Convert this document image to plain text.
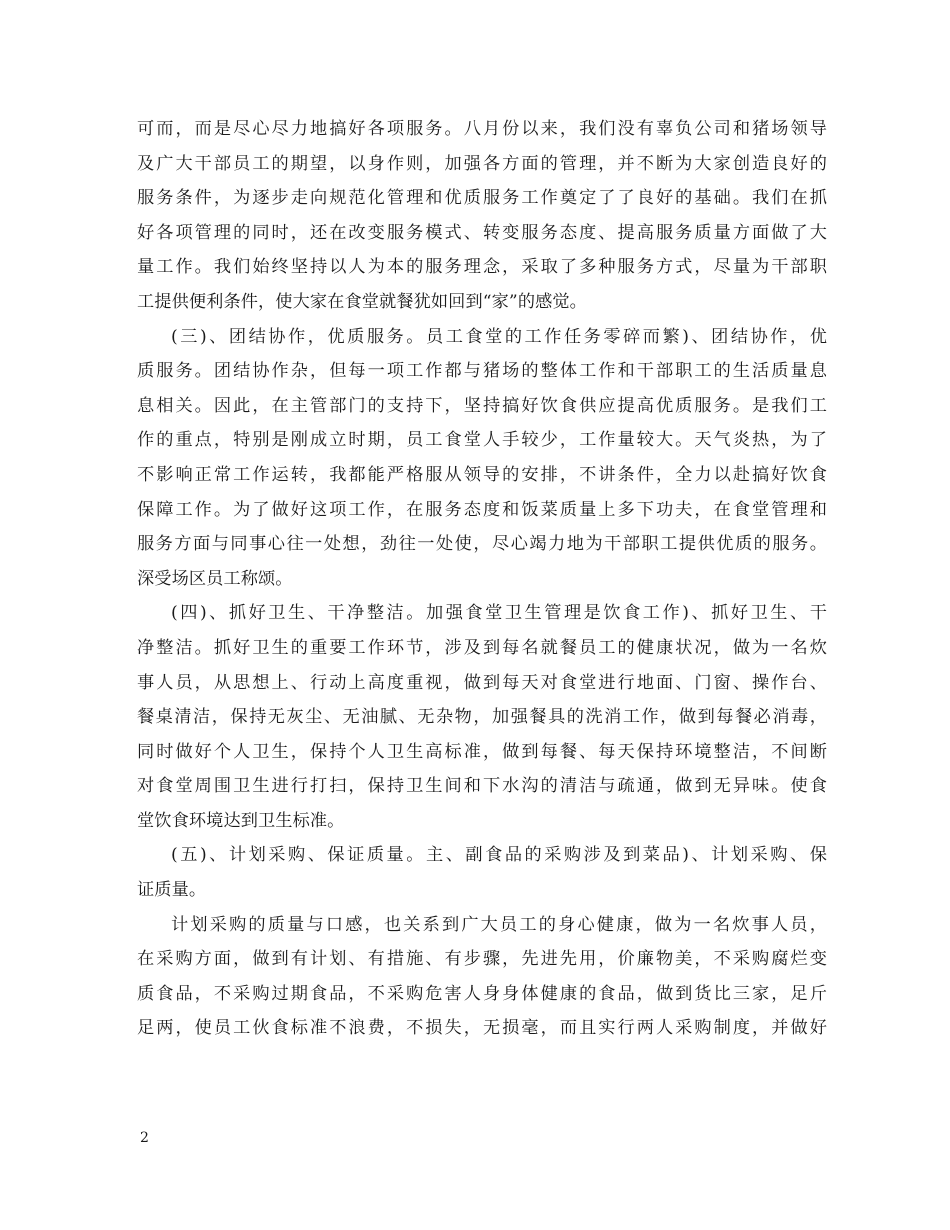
可而，而是尽心尽力地搞好各项服务。八月份以来，我们没有辜负公司和猪场领导
及广大干部员工的期望，以身作则，加强各方面的管理，并不断为大家创造良好的
服务条件，为逐步走向规范化管理和优质服务工作奠定了了良好的基础。我们在抓
好各项管理的同时，还在改变服务模式、转变服务态度、提高服务质量方面做了大
量工作。我们始终坚持以人为本的服务理念，采取了多种服务方式，尽量为干部职
工提供便利条件，使大家在食堂就餐犹如回到“家”的感觉。
(三)、团结协作，优质服务。员工食堂的工作任务零碎而繁)、团结协作，优
质服务。团结协作杂，但每一项工作都与猪场的整体工作和干部职工的生活质量息
息相关。因此，在主管部门的支持下，坚持搞好饮食供应提高优质服务。是我们工
作的重点，特别是刚成立时期，员工食堂人手较少，工作量较大。天气炎热，为了
不影响正常工作运转，我都能严格服从领导的安排，不讲条件，全力以赴搞好饮食
保障工作。为了做好这项工作，在服务态度和饭菜质量上多下功夫，在食堂管理和
服务方面与同事心往一处想，劲往一处使，尽心竭力地为干部职工提供优质的服务。
深受场区员工称颂。
(四)、抓好卫生、干净整洁。加强食堂卫生管理是饮食工作)、抓好卫生、干
净整洁。抓好卫生的重要工作环节，涉及到每名就餐员工的健康状况，做为一名炊
事人员，从思想上、行动上高度重视，做到每天对食堂进行地面、门窗、操作台、
餐桌清洁，保持无灰尘、无油腻、无杂物，加强餐具的洗消工作，做到每餐必消毒，
同时做好个人卫生，保持个人卫生高标准，做到每餐、每天保持环境整洁，不间断
对食堂周围卫生进行打扫，保持卫生间和下水沟的清洁与疏通，做到无异味。使食
堂饮食环境达到卫生标准。
(五)、计划采购、保证质量。主、副食品的采购涉及到菜品)、计划采购、保
证质量。
计划采购的质量与口感，也关系到广大员工的身心健康，做为一名炊事人员，
在采购方面，做到有计划、有措施、有步骤，先进先用，价廉物美，不采购腐烂变
质食品，不采购过期食品，不采购危害人身身体健康的食品，做到货比三家，足斤
足两，使员工伙食标准不浪费，不损失，无损毫，而且实行两人采购制度，并做好
2
